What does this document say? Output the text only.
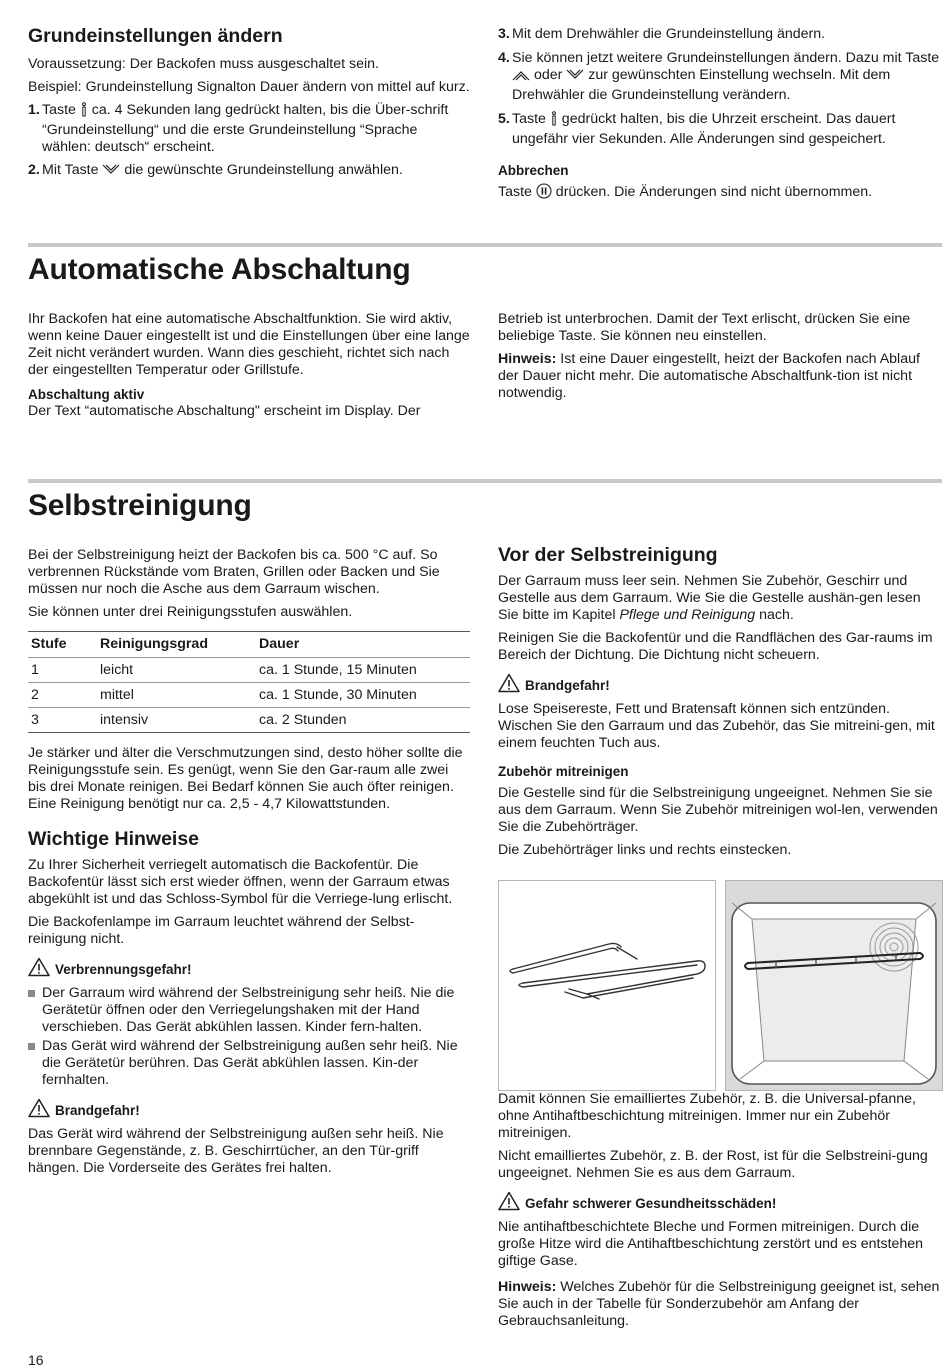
Grundeinstellungen ändern

Voraussetzung: Der Backofen muss ausgeschaltet sein.

Beispiel: Grundeinstellung Signalton Dauer ändern von mittel auf kurz.

1. Taste  ca. 4 Sekunden lang gedrückt halten, bis die Über-schrift “Grundeinstellung“ und die erste Grundeinstellung “Sprache wählen: deutsch“ erscheint.
2. Mit Taste  die gewünschte Grundeinstellung anwählen.
3. Mit dem Drehwähler die Grundeinstellung ändern.
4. Sie können jetzt weitere Grundeinstellungen ändern. Dazu mit Taste  oder  zur gewünschten Einstellung wechseln. Mit dem Drehwähler die Grundeinstellung verändern.
5. Taste  gedrückt halten, bis die Uhrzeit erscheint. Das dauert ungefähr vier Sekunden. Alle Änderungen sind gespeichert.

Abbrechen

Taste  drücken. Die Änderungen sind nicht übernommen.

Automatische Abschaltung

Ihr Backofen hat eine automatische Abschaltfunktion. Sie wird aktiv, wenn keine Dauer eingestellt ist und die Einstellungen über eine lange Zeit nicht verändert wurden. Wann dies geschieht, richtet sich nach der eingestellten Temperatur oder Grillstufe.

Abschaltung aktiv

Der Text “automatische Abschaltung" erscheint im Display. Der

Betrieb ist unterbrochen. Damit der Text erlischt, drücken Sie eine beliebige Taste. Sie können neu einstellen.

Hinweis: Ist eine Dauer eingestellt, heizt der Backofen nach Ablauf der Dauer nicht mehr. Die automatische Abschaltfunk-tion ist nicht notwendig.

Selbstreinigung

Bei der Selbstreinigung heizt der Backofen bis ca. 500 °C auf. So verbrennen Rückstände vom Braten, Grillen oder Backen und Sie müssen nur noch die Asche aus dem Garraum wischen.

Sie können unter drei Reinigungsstufen auswählen.

Stufe	Reinigungsgrad	Dauer
1	leicht	ca. 1 Stunde, 15 Minuten
2	mittel	ca. 1 Stunde, 30 Minuten
3	intensiv	ca. 2 Stunden

Je stärker und älter die Verschmutzungen sind, desto höher sollte die Reinigungsstufe sein. Es genügt, wenn Sie den Gar-raum alle zwei bis drei Monate reinigen. Bei Bedarf können Sie auch öfter reinigen. Eine Reinigung benötigt nur ca. 2,5 - 4,7 Kilowattstunden.

Wichtige Hinweise

Zu Ihrer Sicherheit verriegelt automatisch die Backofentür. Die Backofentür lässt sich erst wieder öffnen, wenn der Garraum etwas abgekühlt ist und das Schloss-Symbol für die Verriege-lung erlischt.

Die Backofenlampe im Garraum leuchtet während der Selbst-reinigung nicht.

Verbrennungsgefahr!
Der Garraum wird während der Selbstreinigung sehr heiß. Nie die Gerätetür öffnen oder den Verriegelungshaken mit der Hand verschieben. Das Gerät abkühlen lassen. Kinder fern-halten.
Das Gerät wird während der Selbstreinigung außen sehr heiß. Nie die Gerätetür berühren. Das Gerät abkühlen lassen. Kin-der fernhalten.
Brandgefahr!

Das Gerät wird während der Selbstreinigung außen sehr heiß. Nie brennbare Gegenstände, z. B. Geschirrtücher, an den Tür-griff hängen. Die Vorderseite des Gerätes frei halten.

Vor der Selbstreinigung

Der Garraum muss leer sein. Nehmen Sie Zubehör, Geschirr und Gestelle aus dem Garraum. Wie Sie die Gestelle aushän-gen lesen Sie bitte im Kapitel Pflege und Reinigung nach.

Reinigen Sie die Backofentür und die Randflächen des Gar-raums im Bereich der Dichtung. Die Dichtung nicht scheuern.

Brandgefahr!

Lose Speisereste, Fett und Bratensaft können sich entzünden. Wischen Sie den Garraum und das Zubehör, das Sie mitreini-gen, mit einem feuchten Tuch aus.

Zubehör mitreinigen

Die Gestelle sind für die Selbstreinigung ungeeignet. Nehmen Sie sie aus dem Garraum. Wenn Sie Zubehör mitreinigen wol-len, verwenden Sie die Zubehörträger.

Die Zubehörträger links und rechts einstecken.

Damit können Sie emailliertes Zubehör, z. B. die Universal-pfanne, ohne Antihaftbeschichtung mitreinigen. Immer nur ein Zubehör mitreinigen.

Nicht emailliertes Zubehör, z. B. der Rost, ist für die Selbstreini-gung ungeeignet. Nehmen Sie es aus dem Garraum.

Gefahr schwerer Gesundheitsschäden!

Nie antihaftbeschichtete Bleche und Formen mitreinigen. Durch die große Hitze wird die Antihaftbeschichtung zerstört und es entstehen giftige Gase.

Hinweis: Welches Zubehör für die Selbstreinigung geeignet ist, sehen Sie auch in der Tabelle für Sonderzubehör am Anfang der Gebrauchsanleitung.

16
